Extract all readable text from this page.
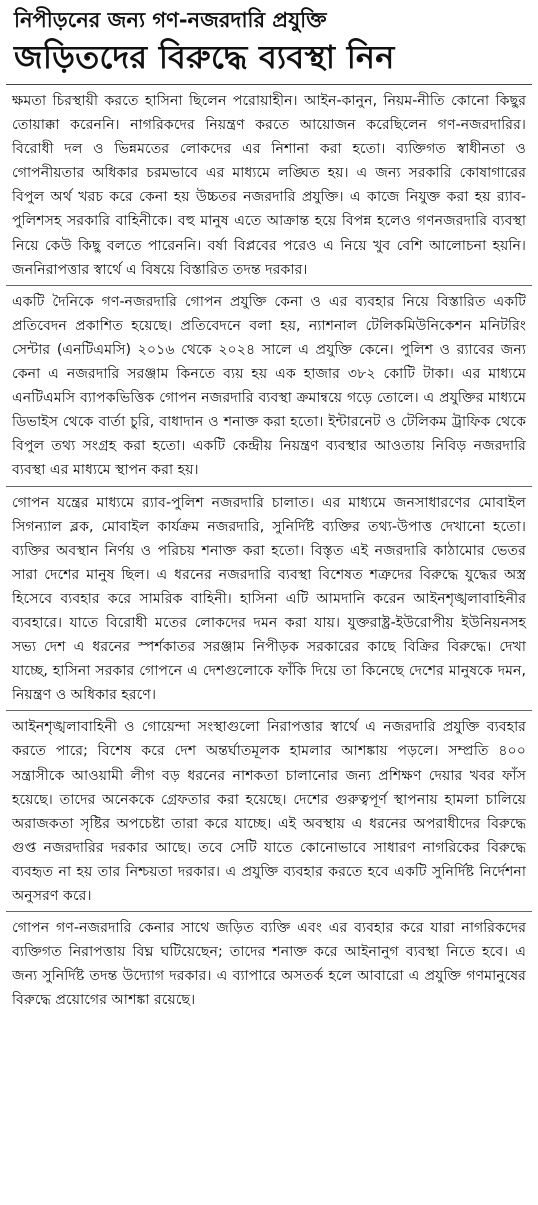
নিপীড়নের জন্য গণ-নজরদারি প্রযুক্তি
জড়িতদের বিরুদ্ধে ব্যবস্থা নিন

ক্ষমতা চিরস্থায়ী করতে হাসিনা ছিলেন পরোয়াহীন। আইন-কানুন, নিয়ম-নীতি কোনো কিছুর তোয়াক্কা করেননি। নাগরিকদের নিয়ন্ত্রণ করতে আয়োজন করেছিলেন গণ-নজরদারির। বিরোধী দল ও ভিন্নমতের লোকদের এর নিশানা করা হতো। ব্যক্তিগত স্বাধীনতা ও গোপনীয়তার অধিকার চরমভাবে এর মাধ্যমে লঙ্ঘিত হয়। এ জন্য সরকারি কোষাগারের বিপুল অর্থ খরচ করে কেনা হয় উচ্চতর নজরদারি প্রযুক্তি। এ কাজে নিযুক্ত করা হয় র‍্যাব-পুলিশসহ সরকারি বাহিনীকে। বহু মানুষ এতে আক্রান্ত হয়ে বিপন্ন হলেও গণনজরদারি ব্যবস্থা নিয়ে কেউ কিছু বলতে পারেননি। বর্ষা বিপ্লবের পরেও এ নিয়ে খুব বেশি আলোচনা হয়নি। জননিরাপত্তার স্বার্থে এ বিষয়ে বিস্তারিত তদন্ত দরকার।

একটি দৈনিকে গণ-নজরদারি গোপন প্রযুক্তি কেনা ও এর ব্যবহার নিয়ে বিস্তারিত একটি প্রতিবেদন প্রকাশিত হয়েছে। প্রতিবেদনে বলা হয়, ন্যাশনাল টেলিকমিউনিকেশন মনিটরিং সেন্টার (এনটিএমসি) ২০১৬ থেকে ২০২৪ সালে এ প্রযুক্তি কেনে। পুলিশ ও র‍্যাবের জন্য কেনা এ নজরদারি সরঞ্জাম কিনতে ব্যয় হয় এক হাজার ৩৮২ কোটি টাকা। এর মাধ্যমে এনটিএমসি ব্যাপকভিত্তিক গোপন নজরদারি ব্যবস্থা ক্রমান্বয়ে গড়ে তোলে। এ প্রযুক্তির মাধ্যমে ডিভাইস থেকে বার্তা চুরি, বাধাদান ও শনাক্ত করা হতো। ইন্টারনেট ও টেলিকম ট্রাফিক থেকে বিপুল তথ্য সংগ্রহ করা হতো। একটি কেন্দ্রীয় নিয়ন্ত্রণ ব্যবস্থার আওতায় নিবিড় নজরদারি ব্যবস্থা এর মাধ্যমে স্থাপন করা হয়।

গোপন যন্ত্রের মাধ্যমে র‍্যাব-পুলিশ নজরদারি চালাত। এর মাধ্যমে জনসাধারণের মোবাইল সিগন্যাল ব্লক, মোবাইল কার্যক্রম নজরদারি, সুনির্দিষ্ট ব্যক্তির তথ্য-উপাত্ত দেখানো হতো। ব্যক্তির অবস্থান নির্ণয় ও পরিচয় শনাক্ত করা হতো। বিস্তৃত এই নজরদারি কাঠামোর ভেতর সারা দেশের মানুষ ছিল। এ ধরনের নজরদারি ব্যবস্থা বিশেষত শত্রুদের বিরুদ্ধে যুদ্ধের অস্ত্র হিসেবে ব্যবহার করে সামরিক বাহিনী। হাসিনা এটি আমদানি করেন আইনশৃঙ্খলাবাহিনীর ব্যবহারে। যাতে বিরোধী মতের লোকদের দমন করা যায়। যুক্তরাষ্ট্র-ইউরোপীয় ইউনিয়নসহ সভ্য দেশ এ ধরনের স্পর্শকাতর সরঞ্জাম নিপীড়ক সরকারের কাছে বিক্রির বিরুদ্ধে। দেখা যাচ্ছে, হাসিনা সরকার গোপনে এ দেশগুলোকে ফাঁকি দিয়ে তা কিনেছে দেশের মানুষকে দমন, নিয়ন্ত্রণ ও অধিকার হরণে।

আইনশৃঙ্খলাবাহিনী ও গোয়েন্দা সংস্থাগুলো নিরাপত্তার স্বার্থে এ নজরদারি প্রযুক্তি ব্যবহার করতে পারে; বিশেষ করে দেশ অন্তর্ঘাতমূলক হামলার আশঙ্কায় পড়লে। সম্প্রতি ৪০০ সন্ত্রাসীকে আওয়ামী লীগ বড় ধরনের নাশকতা চালানোর জন্য প্রশিক্ষণ দেয়ার খবর ফাঁস হয়েছে। তাদের অনেককে গ্রেফতার করা হয়েছে। দেশের গুরুত্বপূর্ণ স্থাপনায় হামলা চালিয়ে অরাজকতা সৃষ্টির অপচেষ্টা তারা করে যাচ্ছে। এই অবস্থায় এ ধরনের অপরাধীদের বিরুদ্ধে গুপ্ত নজরদারির দরকার আছে। তবে সেটি যাতে কোনোভাবে সাধারণ নাগরিকের বিরুদ্ধে ব্যবহৃত না হয় তার নিশ্চয়তা দরকার। এ প্রযুক্তি ব্যবহার করতে হবে একটি সুনির্দিষ্ট নির্দেশনা অনুসরণ করে।

গোপন গণ-নজরদারি কেনার সাথে জড়িত ব্যক্তি এবং এর ব্যবহার করে যারা নাগরিকদের ব্যক্তিগত নিরাপত্তায় বিঘ্ন ঘটিয়েছেন; তাদের শনাক্ত করে আইনানুগ ব্যবস্থা নিতে হবে। এ জন্য সুনির্দিষ্ট তদন্ত উদ্যোগ দরকার। এ ব্যাপারে অসতর্ক হলে আবারো এ প্রযুক্তি গণমানুষের বিরুদ্ধে প্রয়োগের আশঙ্কা রয়েছে।
